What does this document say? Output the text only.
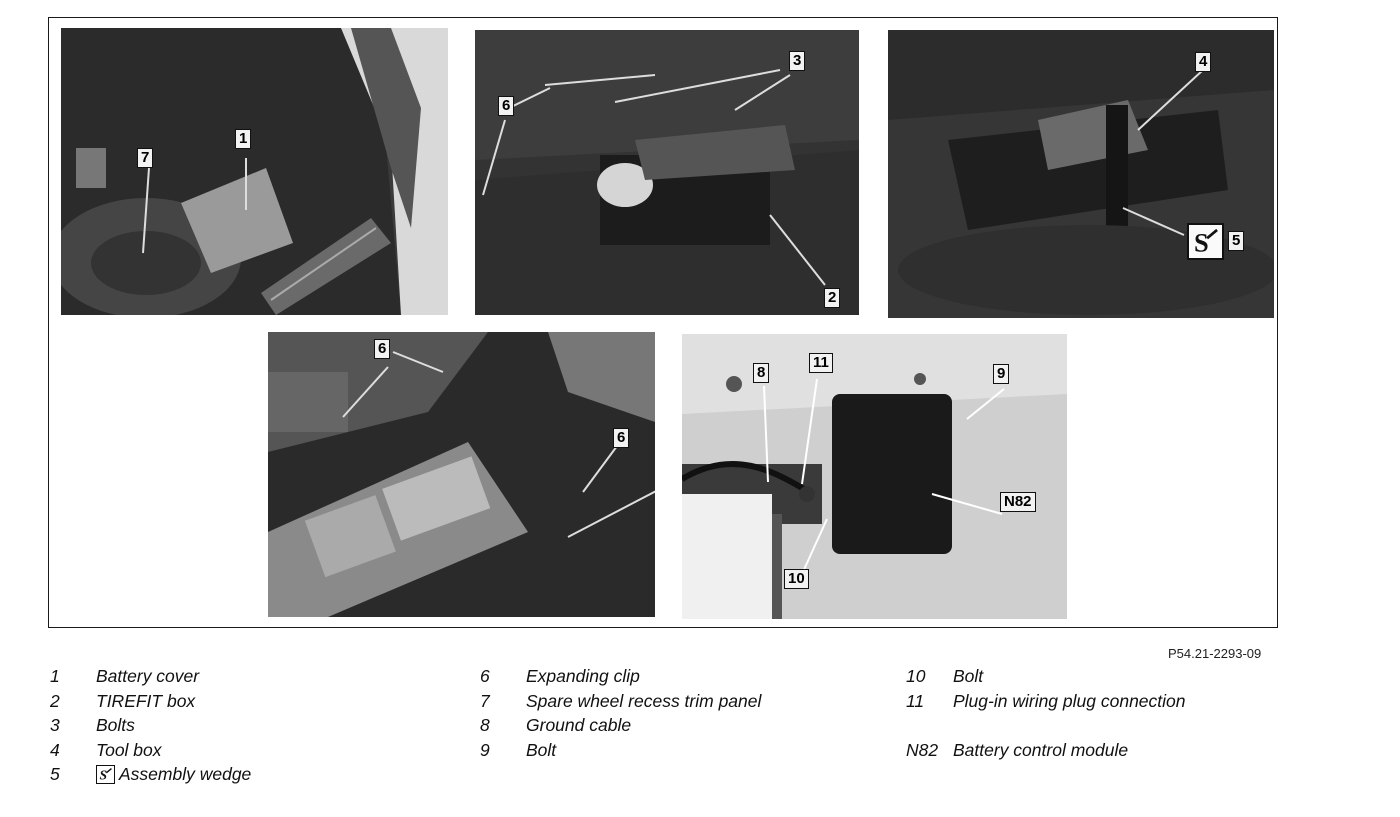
1
7
3
6
2
4
S 5
6
6
8
11
9
N82
10
P54.21-2293-09
1 Battery cover
2 TIREFIT box
3 Bolts
4 Tool box
5 S Assembly wedge
6 Expanding clip
7 Spare wheel recess trim panel
8 Ground cable
9 Bolt
10 Bolt
11 Plug-in wiring plug connection
N82 Battery control module
